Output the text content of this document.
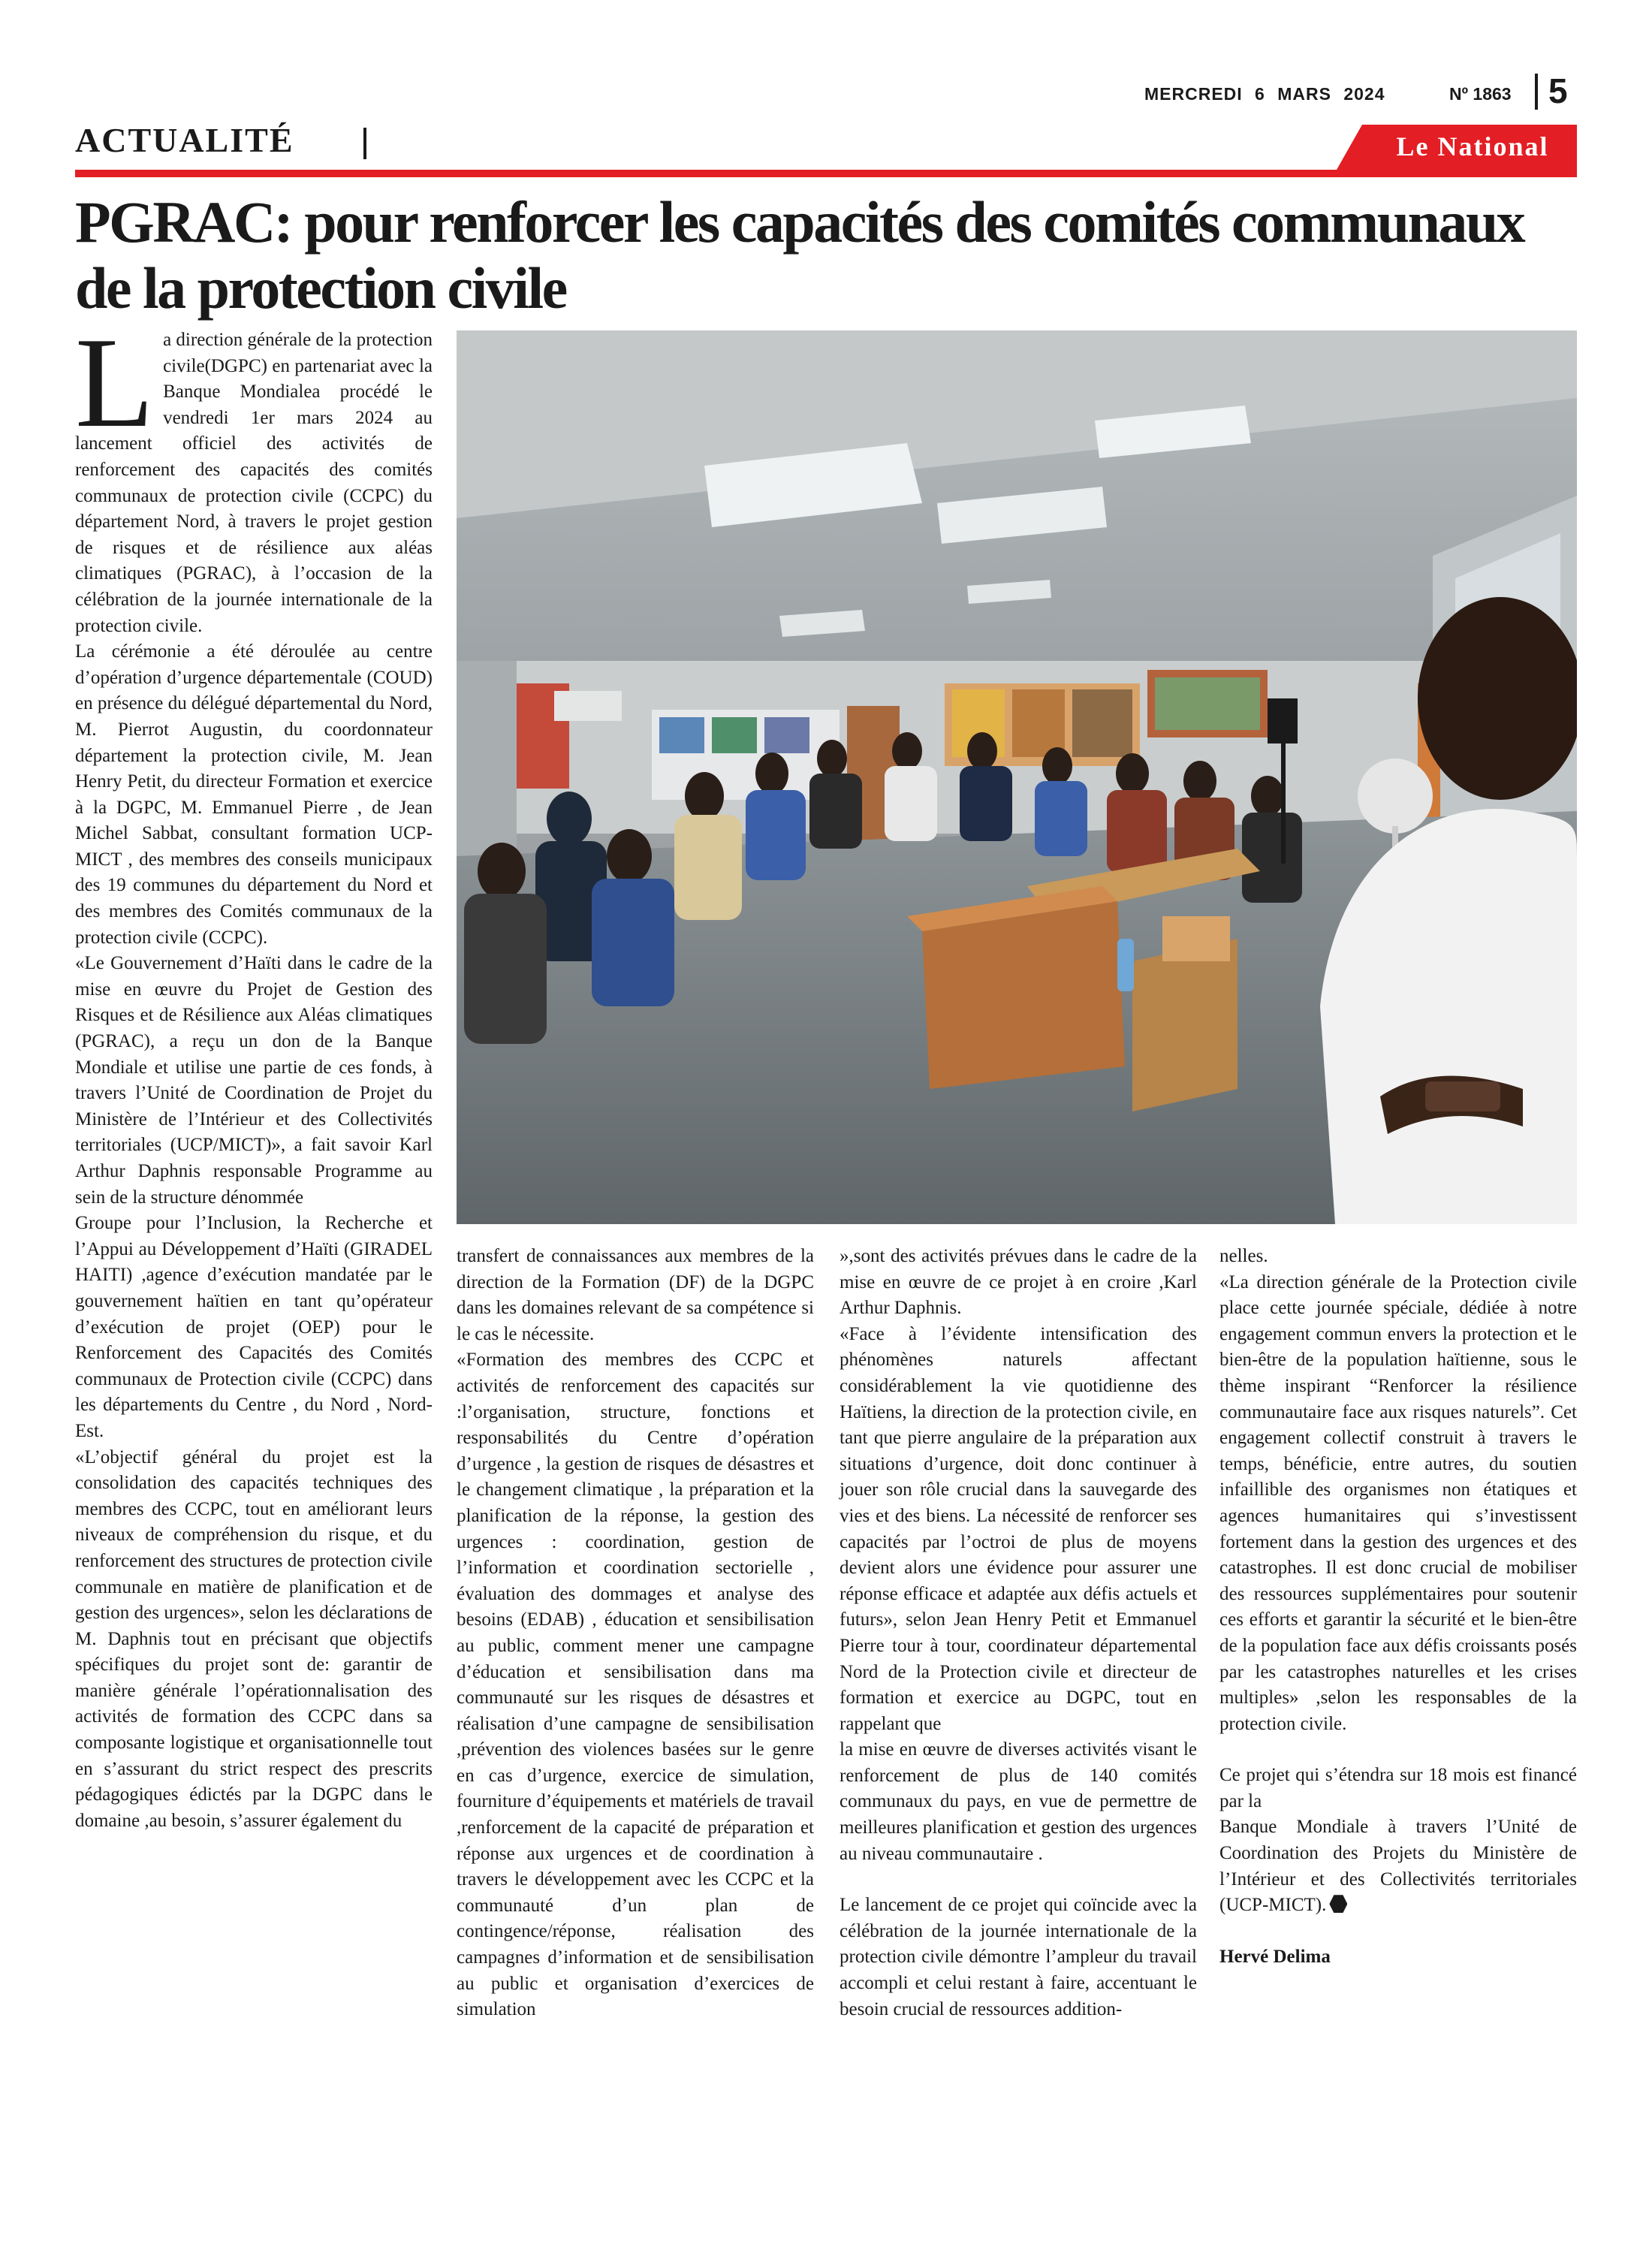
MERCREDI 6 MARS 2024	Nº 1863 5
ACTUALITÉ	Le National
PGRAC: pour renforcer les capacités des comités communaux de la protection civile

La direction générale de la protection civile(DGPC) en partenariat avec la Banque Mondialea procédé le vendredi 1er mars 2024 au lancement officiel des activités de renforcement des capacités des comités communaux de protection civile (CCPC) du département Nord, à travers le projet gestion de risques et de résilience aux aléas climatiques (PGRAC), à l’occasion de la célébration de la journée internationale de la protection civile.

La cérémonie a été déroulée au centre d’opération d’urgence départementale (COUD) en présence du délégué départemental du Nord, M. Pierrot Augustin, du coordonnateur département la protection civile, M. Jean Henry Petit, du directeur Formation et exercice à la DGPC, M. Emmanuel Pierre , de Jean Michel Sabbat, consultant formation UCP-MICT , des membres des conseils municipaux des 19 communes du département du Nord et des membres des Comités communaux de la protection civile (CCPC).

«Le Gouvernement d’Haïti dans le cadre de la mise en œuvre du Projet de Gestion des Risques et de Résilience aux Aléas climatiques (PGRAC), a reçu un don de la Banque Mondiale et utilise une partie de ces fonds, à travers l’Unité de Coordination de Projet du Ministère de l’Intérieur et des Collectivités territoriales (UCP/MICT)», a fait savoir Karl Arthur Daphnis responsable Programme au sein de la structure dénommée

Groupe pour l’Inclusion, la Recherche et l’Appui au Développement d’Haïti (GIRADEL HAITI) ,agence d’exécution mandatée par le gouvernement haïtien en tant qu’opérateur d’exécution de projet (OEP) pour le Renforcement des Capacités des Comités communaux de Protection civile (CCPC) dans les départements du Centre , du Nord , Nord-Est.

«L’objectif général du projet est la consolidation des capacités techniques des membres des CCPC, tout en améliorant leurs niveaux de compréhension du risque, et du renforcement des structures de protection civile communale en matière de planification et de gestion des urgences», selon les déclarations de M. Daphnis tout en précisant que objectifs spécifiques du projet sont de: garantir de manière générale l’opérationnalisation des activités de formation des CCPC dans sa composante logistique et organisationnelle tout en s’assurant du strict respect des prescrits pédagogiques édictés par la DGPC dans le domaine ,au besoin, s’assurer également du

transfert de connaissances aux membres de la direction de la Formation (DF) de la DGPC dans les domaines relevant de sa compétence si le cas le nécessite.

«Formation des membres des CCPC et activités de renforcement des capacités sur :l’organisation, structure, fonctions et responsabilités du Centre d’opération d’urgence , la gestion de risques de désastres et le changement climatique , la préparation et la planification de la réponse, la gestion des urgences : coordination, gestion de l’information et coordination sectorielle , évaluation des dommages et analyse des besoins (EDAB) , éducation et sensibilisation au public, comment mener une campagne d’éducation et sensibilisation dans ma communauté sur les risques de désastres et réalisation d’une campagne de sensibilisation ,prévention des violences basées sur le genre en cas d’urgence, exercice de simulation, fourniture d’équipements et matériels de travail ,renforcement de la capacité de préparation et réponse aux urgences et de coordination à travers le développement avec les CCPC et la communauté d’un plan de contingence/réponse, réalisation des campagnes d’information et de sensibilisation au public et organisation d’exercices de simulation

»,sont des activités prévues dans le cadre de la mise en œuvre de ce projet à en croire ,Karl Arthur Daphnis.

«Face à l’évidente intensification des phénomènes naturels affectant considérablement la vie quotidienne des Haïtiens, la direction de la protection civile, en tant que pierre angulaire de la préparation aux situations d’urgence, doit donc continuer à jouer son rôle crucial dans la sauvegarde des vies et des biens. La nécessité de renforcer ses capacités par l’octroi de plus de moyens devient alors une évidence pour assurer une réponse efficace et adaptée aux défis actuels et futurs», selon Jean Henry Petit et Emmanuel Pierre tour à tour, coordinateur départemental Nord de la Protection civile et directeur de formation et exercice au DGPC, tout en rappelant que

la mise en œuvre de diverses activités visant le renforcement de plus de 140 comités communaux du pays, en vue de permettre de meilleures planification et gestion des urgences au niveau communautaire .

Le lancement de ce projet qui coïncide avec la célébration de la journée internationale de la protection civile démontre l’ampleur du travail accompli et celui restant à faire, accentuant le besoin crucial de ressources addition-

nelles.

«La direction générale de la Protection civile place cette journée spéciale, dédiée à notre engagement commun envers la protection et le bien-être de la population haïtienne, sous le thème inspirant “Renforcer la résilience communautaire face aux risques naturels”. Cet engagement collectif construit à travers le temps, bénéficie, entre autres, du soutien infaillible des organismes non étatiques et agences humanitaires qui s’investissent fortement dans la gestion des urgences et des catastrophes. Il est donc crucial de mobiliser des ressources supplémentaires pour soutenir ces efforts et garantir la sécurité et le bien-être de la population face aux défis croissants posés par les catastrophes naturelles et les crises multiples» ,selon les responsables de la protection civile.

Ce projet qui s’étendra sur 18 mois est financé par la

Banque Mondiale à travers l’Unité de Coordination des Projets du Ministère de l’Intérieur et des Collectivités territoriales (UCP-MICT).

Hervé Delima
